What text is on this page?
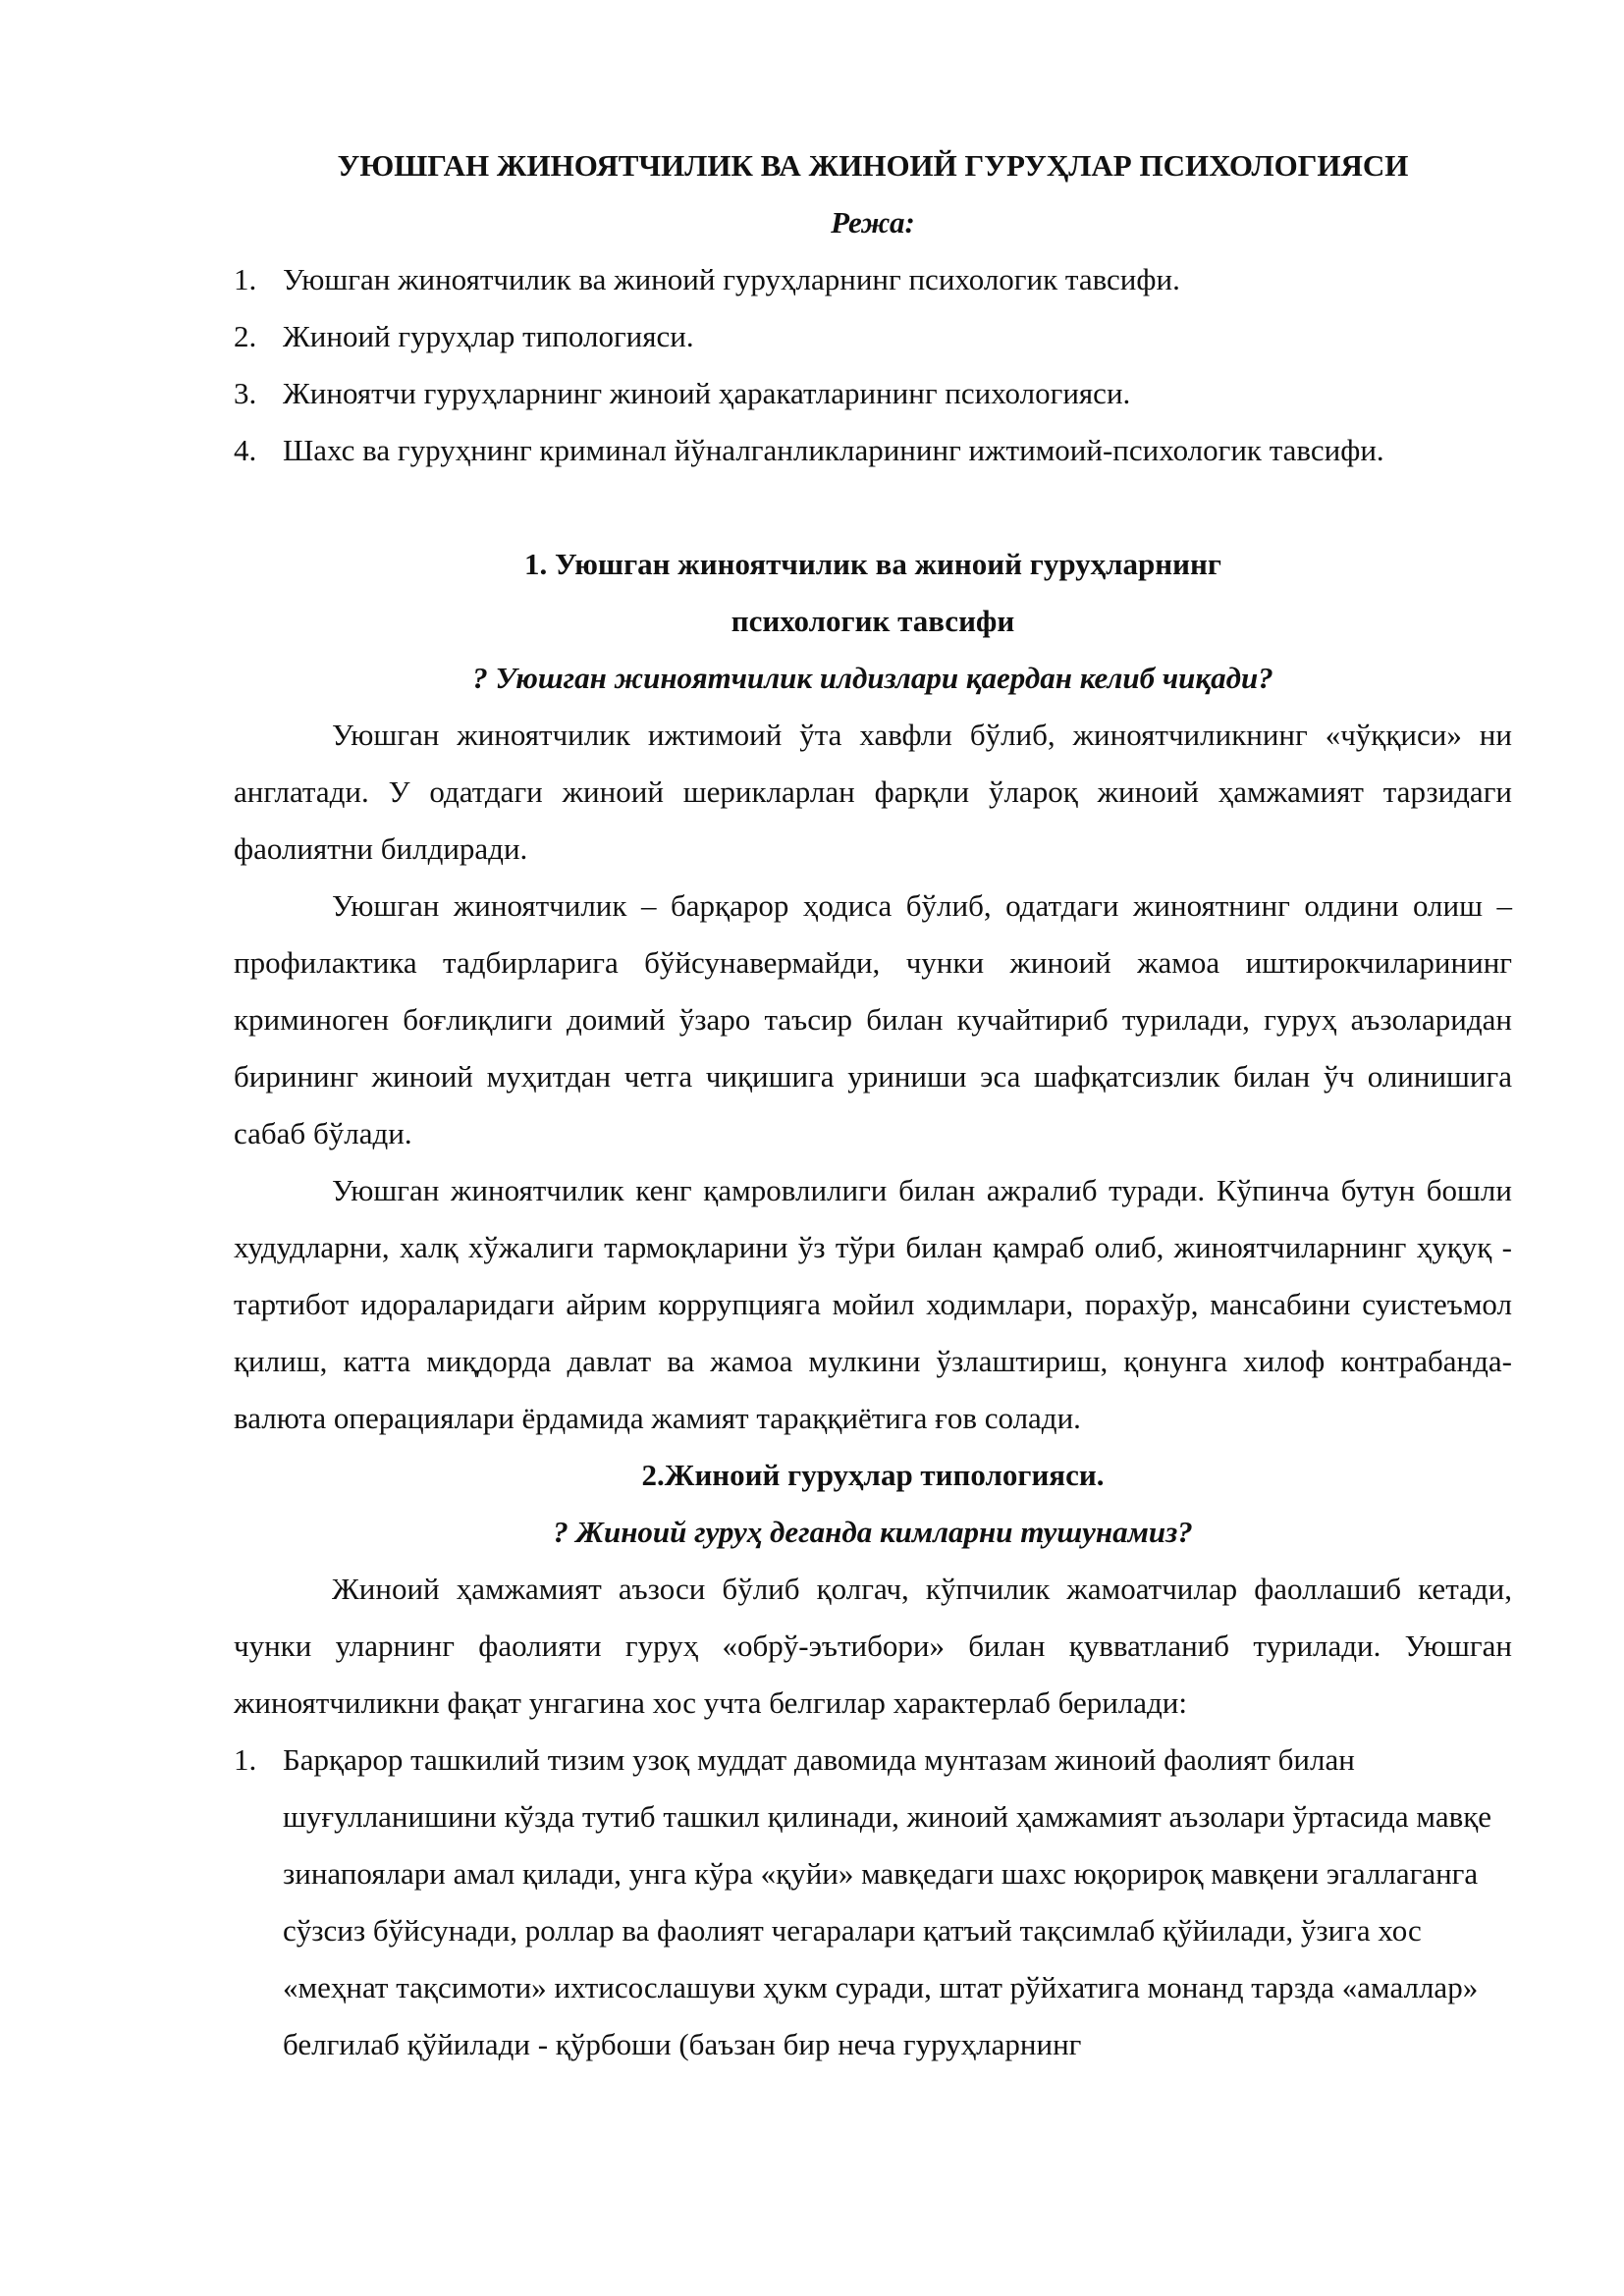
УЮШГАН ЖИНОЯТЧИЛИК ВА ЖИНОИЙ ГУРУҲЛАР ПСИХОЛОГИЯСИ
Режа:
1. Уюшган жиноятчилик ва жиноий гуруҳларнинг психологик тавсифи.
2. Жиноий гуруҳлар типологияси.
3. Жиноятчи гуруҳларнинг жиноий ҳаракатларининг психологияси.
4. Шахс ва гуруҳнинг криминал йўналганликларининг ижтимоий-психологик тавсифи.
1. Уюшган жиноятчилик ва жиноий гуруҳларнинг
психологик тавсифи
? Уюшган жиноятчилик илдизлари қаердан келиб чиқади?

Уюшган жиноятчилик ижтимоий ўта хавфли бўлиб, жиноятчиликнинг «чўққиси» ни англатади. У одатдаги жиноий шерикларлан фарқли ўлароқ жиноий ҳамжамият тарзидаги фаолиятни билдиради.

Уюшган жиноятчилик – барқарор ҳодиса бўлиб, одатдаги жиноятнинг олдини олиш – профилактика тадбирларига бўйсунавермайди, чунки жиноий жамоа иштирокчиларининг криминоген боғлиқлиги доимий ўзаро таъсир билан кучайтириб турилади, гуруҳ аъзоларидан бирининг жиноий муҳитдан четга чиқишига уриниши эса шафқатсизлик билан ўч олинишига сабаб бўлади.

Уюшган жиноятчилик кенг қамровлилиги билан ажралиб туради. Кўпинча бутун бошли худудларни, халқ хўжалиги тармоқларини ўз тўри билан қамраб олиб, жиноятчиларнинг ҳуқуқ - тартибот идораларидаги айрим коррупцияга мойил ходимлари, порахўр, мансабини суистеъмол қилиш, катта миқдорда давлат ва жамоа мулкини ўзлаштириш, қонунга хилоф контрабанда-валюта операциялари ёрдамида жамият тараққиётига ғов солади.

2.Жиноий гуруҳлар типологияси.
? Жиноий гуруҳ деганда кимларни тушунамиз?

Жиноий ҳамжамият аъзоси бўлиб қолгач, кўпчилик жамоатчилар фаоллашиб кетади, чунки уларнинг фаолияти гуруҳ «обрў-эътибори» билан қувватланиб турилади. Уюшган жиноятчиликни фақат унгагина хос учта белгилар характерлаб берилади:

1. Барқарор ташкилий тизим узоқ муддат давомида мунтазам жиноий фаолият билан шуғулланишини кўзда тутиб ташкил қилинади, жиноий ҳамжамият аъзолари ўртасида мавқе зинапоялари амал қилади, унга кўра «қуйи» мавқедаги шахс юқорироқ мавқени эгаллаганга сўзсиз бўйсунади, роллар ва фаолият чегаралари қатъий тақсимлаб қўйилади, ўзига хос «меҳнат тақсимоти» ихтисослашуви ҳукм суради, штат рўйхатига монанд тарзда «амаллар» белгилаб қўйилади - қўрбоши (баъзан бир неча гуруҳларнинг
